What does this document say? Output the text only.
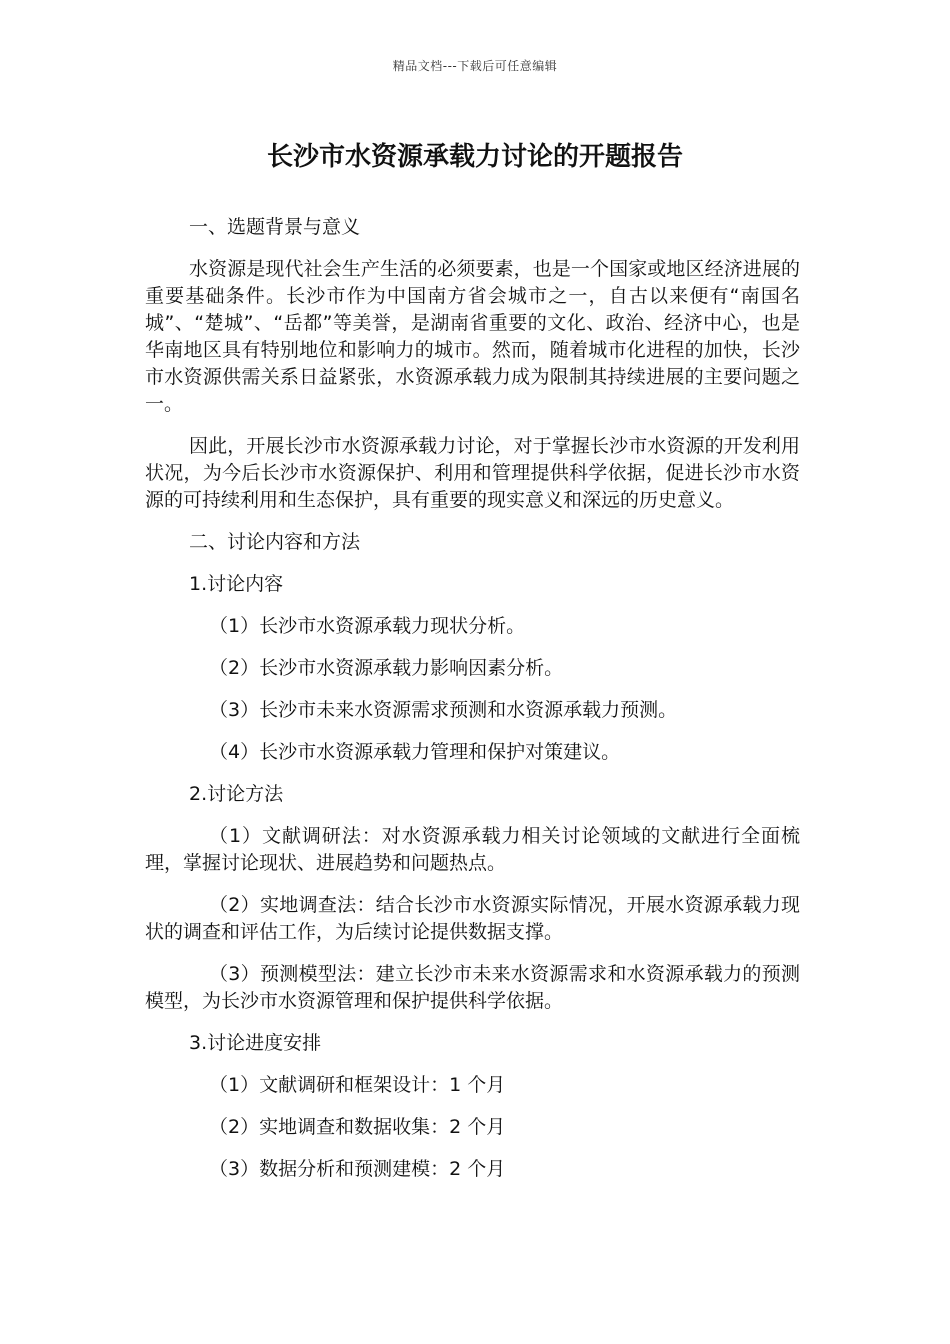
精品文档---下载后可任意编辑
长沙市水资源承载力讨论的开题报告

一、选题背景与意义

水资源是现代社会生产生活的必须要素，也是一个国家或地区经济进展的重要基础条件。长沙市作为中国南方省会城市之一，自古以来便有“南国名城”、“楚城”、“岳都”等美誉，是湖南省重要的文化、政治、经济中心，也是华南地区具有特别地位和影响力的城市。然而，随着城市化进程的加快，长沙市水资源供需关系日益紧张，水资源承载力成为限制其持续进展的主要问题之一。

因此，开展长沙市水资源承载力讨论，对于掌握长沙市水资源的开发利用状况，为今后长沙市水资源保护、利用和管理提供科学依据，促进长沙市水资源的可持续利用和生态保护，具有重要的现实意义和深远的历史意义。

二、讨论内容和方法

1.讨论内容

（1）长沙市水资源承载力现状分析。

（2）长沙市水资源承载力影响因素分析。

（3）长沙市未来水资源需求预测和水资源承载力预测。

（4）长沙市水资源承载力管理和保护对策建议。

2.讨论方法

（1）文献调研法：对水资源承载力相关讨论领域的文献进行全面梳理，掌握讨论现状、进展趋势和问题热点。

（2）实地调查法：结合长沙市水资源实际情况，开展水资源承载力现状的调查和评估工作，为后续讨论提供数据支撑。

（3）预测模型法：建立长沙市未来水资源需求和水资源承载力的预测模型，为长沙市水资源管理和保护提供科学依据。

3.讨论进度安排

（1）文献调研和框架设计：1 个月

（2）实地调查和数据收集：2 个月

（3）数据分析和预测建模：2 个月
